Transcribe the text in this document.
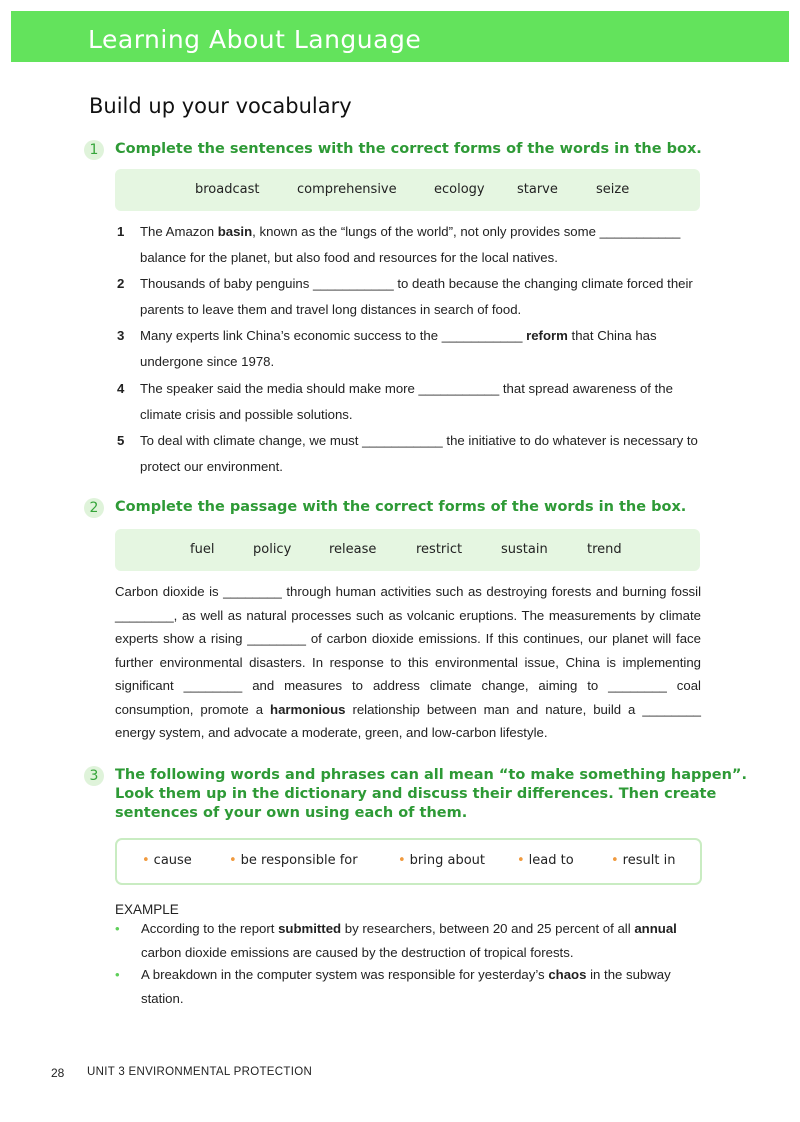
Learning About Language
Build up your vocabulary
1	Complete the sentences with the correct forms of the words in the box.
broadcast	comprehensive	ecology starve	seize
1 The Amazon basin, known as the “lungs of the world”, not only provides some ___________ balance for the planet, but also food and resources for the local natives.
2 Thousands of baby penguins ___________ to death because the changing climate forced their parents to leave them and travel long distances in search of food.
3 Many experts link China’s economic success to the ___________ reform that China has undergone since 1978.
4 The speaker said the media should make more ___________ that spread awareness of the climate crisis and possible solutions.
5 To deal with climate change, we must ___________ the initiative to do whatever is necessary to protect our environment.
2	Complete the passage with the correct forms of the words in the box.
fuel	policy	release	restrict	sustain	trend
Carbon dioxide is ________ through human activities such as destroying forests and burning fossil ________, as well as natural processes such as volcanic eruptions. The measurements by climate experts show a rising ________ of carbon dioxide emissions. If this continues, our planet will face further environmental disasters. In response to this environmental issue, China is implementing significant ________ and measures to address climate change, aiming to ________ coal consumption, promote a harmonious relationship between man and nature, build a ________ energy system, and advocate a moderate, green, and low-carbon lifestyle.
3	The following words and phrases can all mean “to make something happen”.
Look them up in the dictionary and discuss their differences. Then create
sentences of your own using each of them.
• cause	• be responsible for	• bring about • lead to	• result in
EXAMPLE
• According to the report submitted by researchers, between 20 and 25 percent of all annual carbon dioxide emissions are caused by the destruction of tropical forests.
• A breakdown in the computer system was responsible for yesterday’s chaos in the subway station.
28 UNIT 3 ENVIRONMENTAL PROTECTION
